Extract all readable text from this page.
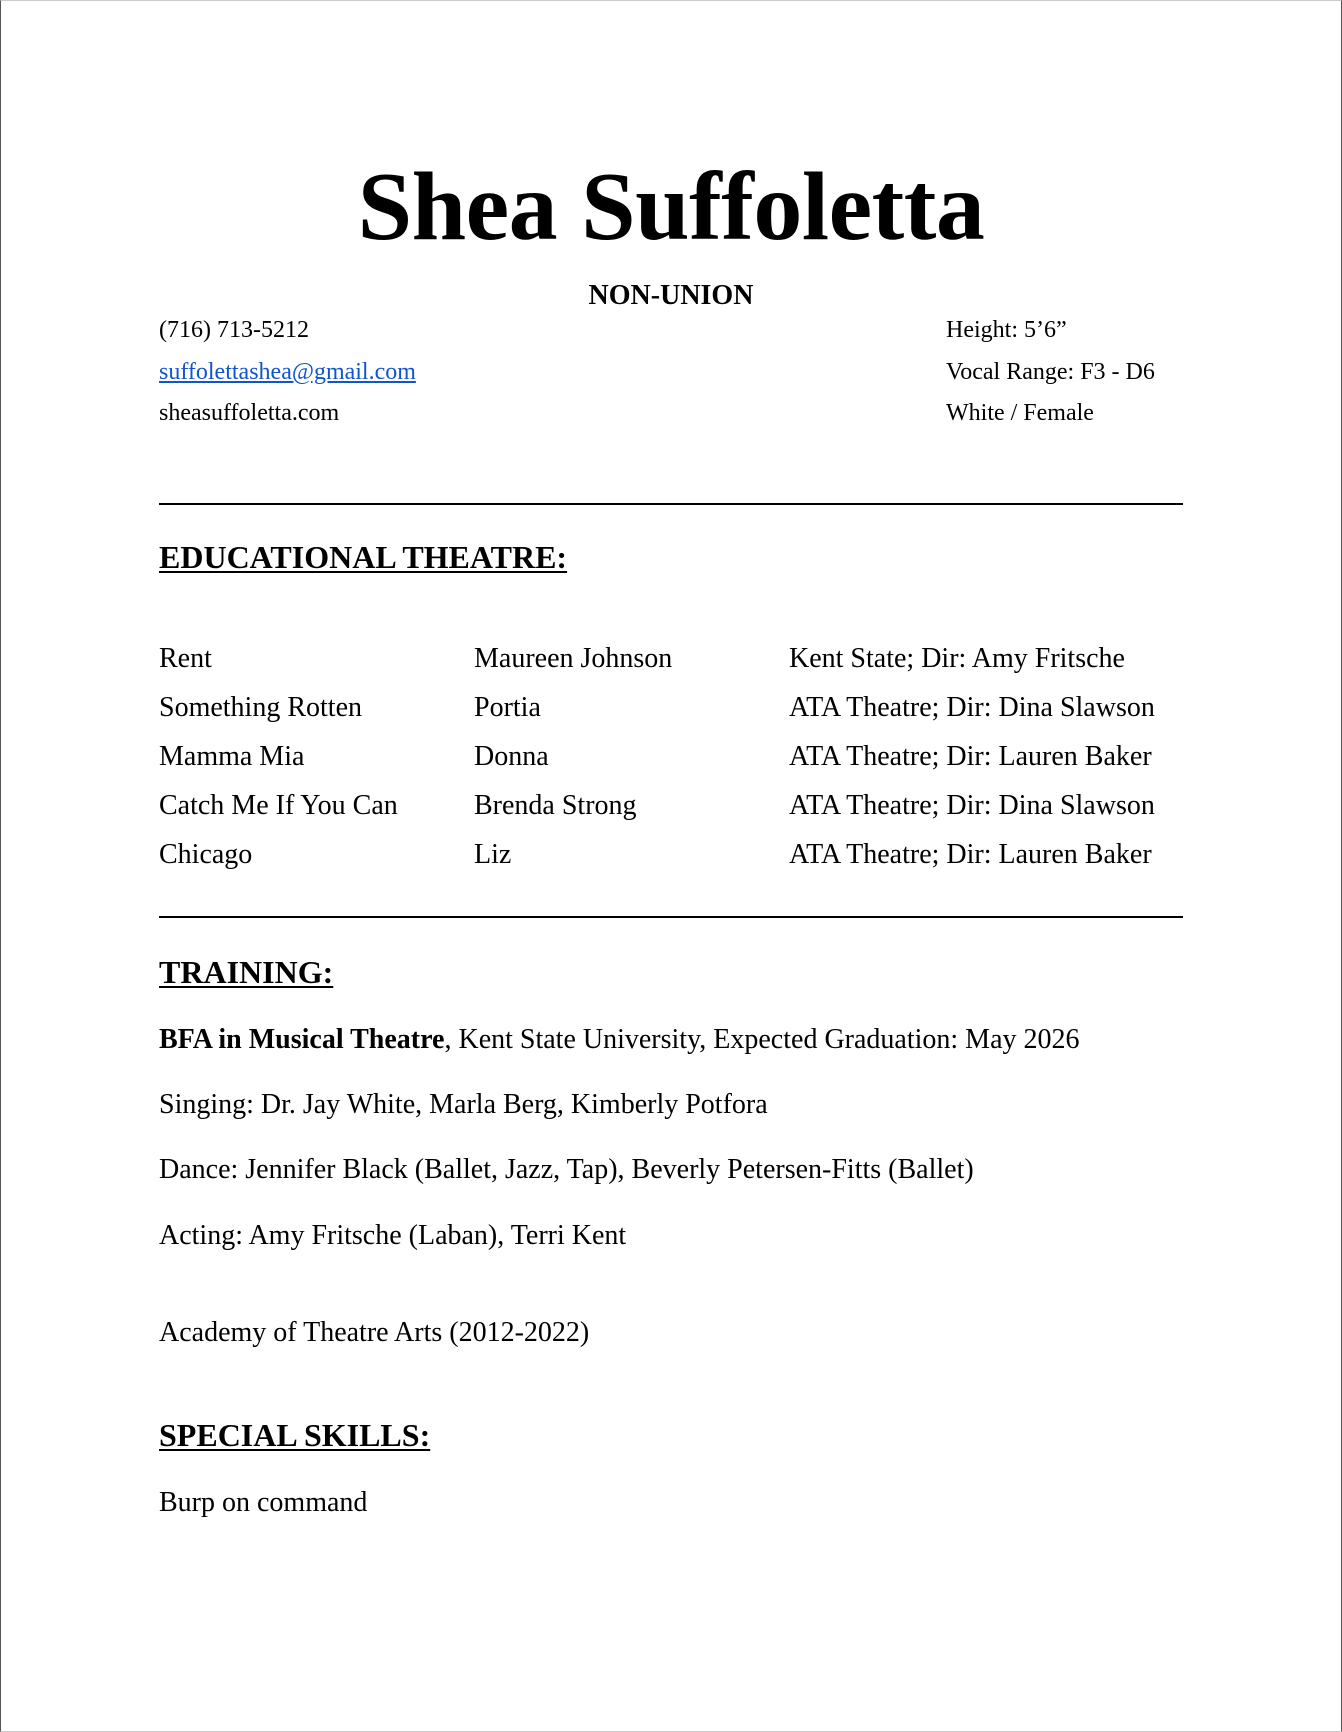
Shea Suffoletta
NON-UNION
(716) 713-5212
suffolettashea@gmail.com
sheasuffoletta.com
Height: 5’6”
Vocal Range: F3 - D6
White / Female
EDUCATIONAL THEATRE:
Rent	Maureen Johnson	Kent State; Dir: Amy Fritsche
Something Rotten	Portia	ATA Theatre; Dir: Dina Slawson
Mamma Mia	Donna	ATA Theatre; Dir: Lauren Baker
Catch Me If You Can	Brenda Strong	ATA Theatre; Dir: Dina Slawson
Chicago	Liz	ATA Theatre; Dir: Lauren Baker
TRAINING:
BFA in Musical Theatre, Kent State University, Expected Graduation: May 2026
Singing: Dr. Jay White, Marla Berg, Kimberly Potfora
Dance: Jennifer Black (Ballet, Jazz, Tap), Beverly Petersen-Fitts (Ballet)
Acting: Amy Fritsche (Laban), Terri Kent
Academy of Theatre Arts (2012-2022)
SPECIAL SKILLS:
Burp on command
